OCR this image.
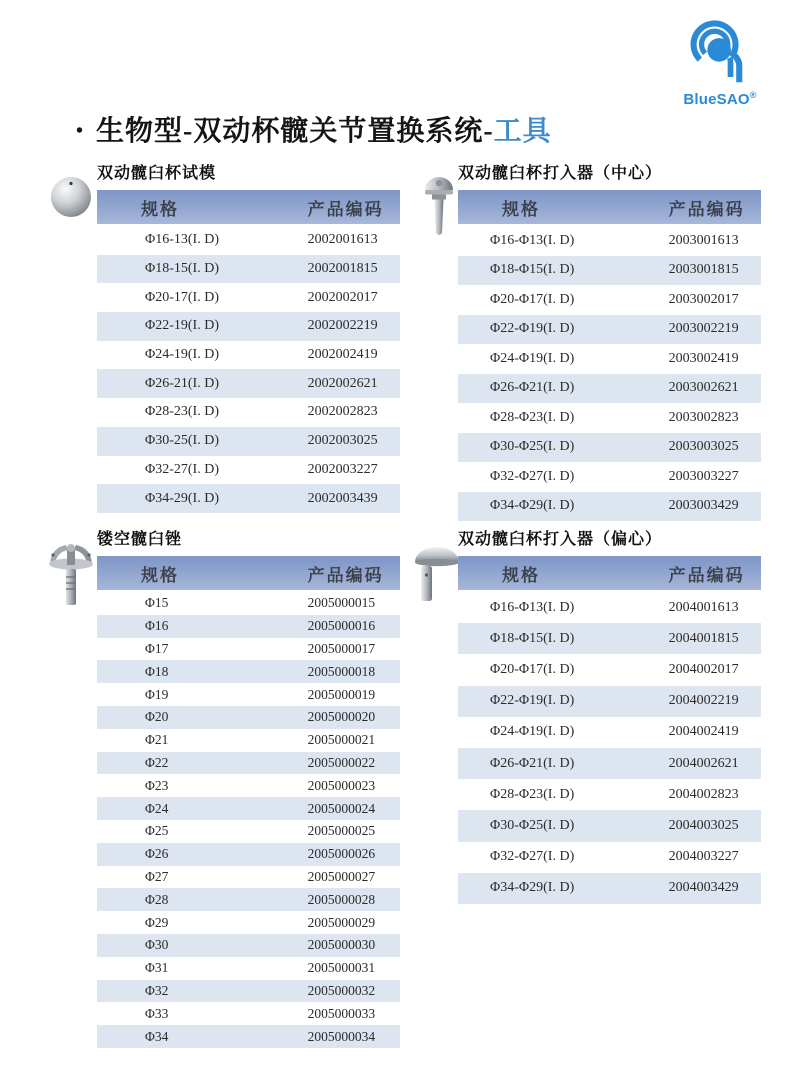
BlueSAO®
• 生物型-双动杯髋关节置换系统-工具
双动髋臼杯试模
规格	产品编码
Φ16-13(I. D)	2002001613
Φ18-15(I. D)	2002001815
Φ20-17(I. D)	2002002017
Φ22-19(I. D)	2002002219
Φ24-19(I. D)	2002002419
Φ26-21(I. D)	2002002621
Φ28-23(I. D)	2002002823
Φ30-25(I. D)	2002003025
Φ32-27(I. D)	2002003227
Φ34-29(I. D)	2002003439
双动髋臼杯打入器（中心）
规格	产品编码
Φ16-Φ13(I. D)	2003001613
Φ18-Φ15(I. D)	2003001815
Φ20-Φ17(I. D)	2003002017
Φ22-Φ19(I. D)	2003002219
Φ24-Φ19(I. D)	2003002419
Φ26-Φ21(I. D)	2003002621
Φ28-Φ23(I. D)	2003002823
Φ30-Φ25(I. D)	2003003025
Φ32-Φ27(I. D)	2003003227
Φ34-Φ29(I. D)	2003003429
镂空髋臼锉
规格	产品编码
Φ15	2005000015
Φ16	2005000016
Φ17	2005000017
Φ18	2005000018
Φ19	2005000019
Φ20	2005000020
Φ21	2005000021
Φ22	2005000022
Φ23	2005000023
Φ24	2005000024
Φ25	2005000025
Φ26	2005000026
Φ27	2005000027
Φ28	2005000028
Φ29	2005000029
Φ30	2005000030
Φ31	2005000031
Φ32	2005000032
Φ33	2005000033
Φ34	2005000034
双动髋臼杯打入器（偏心）
规格	产品编码
Φ16-Φ13(I. D)	2004001613
Φ18-Φ15(I. D)	2004001815
Φ20-Φ17(I. D)	2004002017
Φ22-Φ19(I. D)	2004002219
Φ24-Φ19(I. D)	2004002419
Φ26-Φ21(I. D)	2004002621
Φ28-Φ23(I. D)	2004002823
Φ30-Φ25(I. D)	2004003025
Φ32-Φ27(I. D)	2004003227
Φ34-Φ29(I. D)	2004003429
